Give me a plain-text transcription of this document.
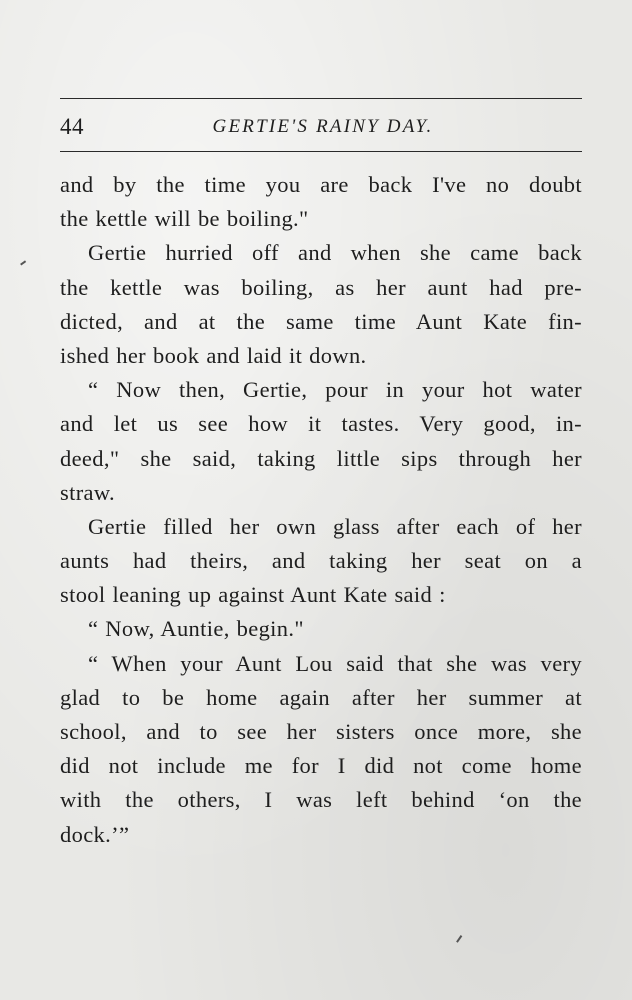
44	GERTIE'S RAINY DAY.
and by the time you are back I've no doubt
the kettle will be boiling."
Gertie hurried off and when she came back
the kettle was boiling, as her aunt had pre-
dicted, and at the same time Aunt Kate fin-
ished her book and laid it down.
“ Now then, Gertie, pour in your hot water
and let us see how it tastes. Very good, in-
deed," she said, taking little sips through her
straw.
Gertie filled her own glass after each of her
aunts had theirs, and taking her seat on a
stool leaning up against Aunt Kate said :
“ Now, Auntie, begin."
“ When your Aunt Lou said that she was very
glad to be home again after her summer at
school, and to see her sisters once more, she
did not include me for I did not come home
with the others, I was left behind ‘on the
dock.’”
